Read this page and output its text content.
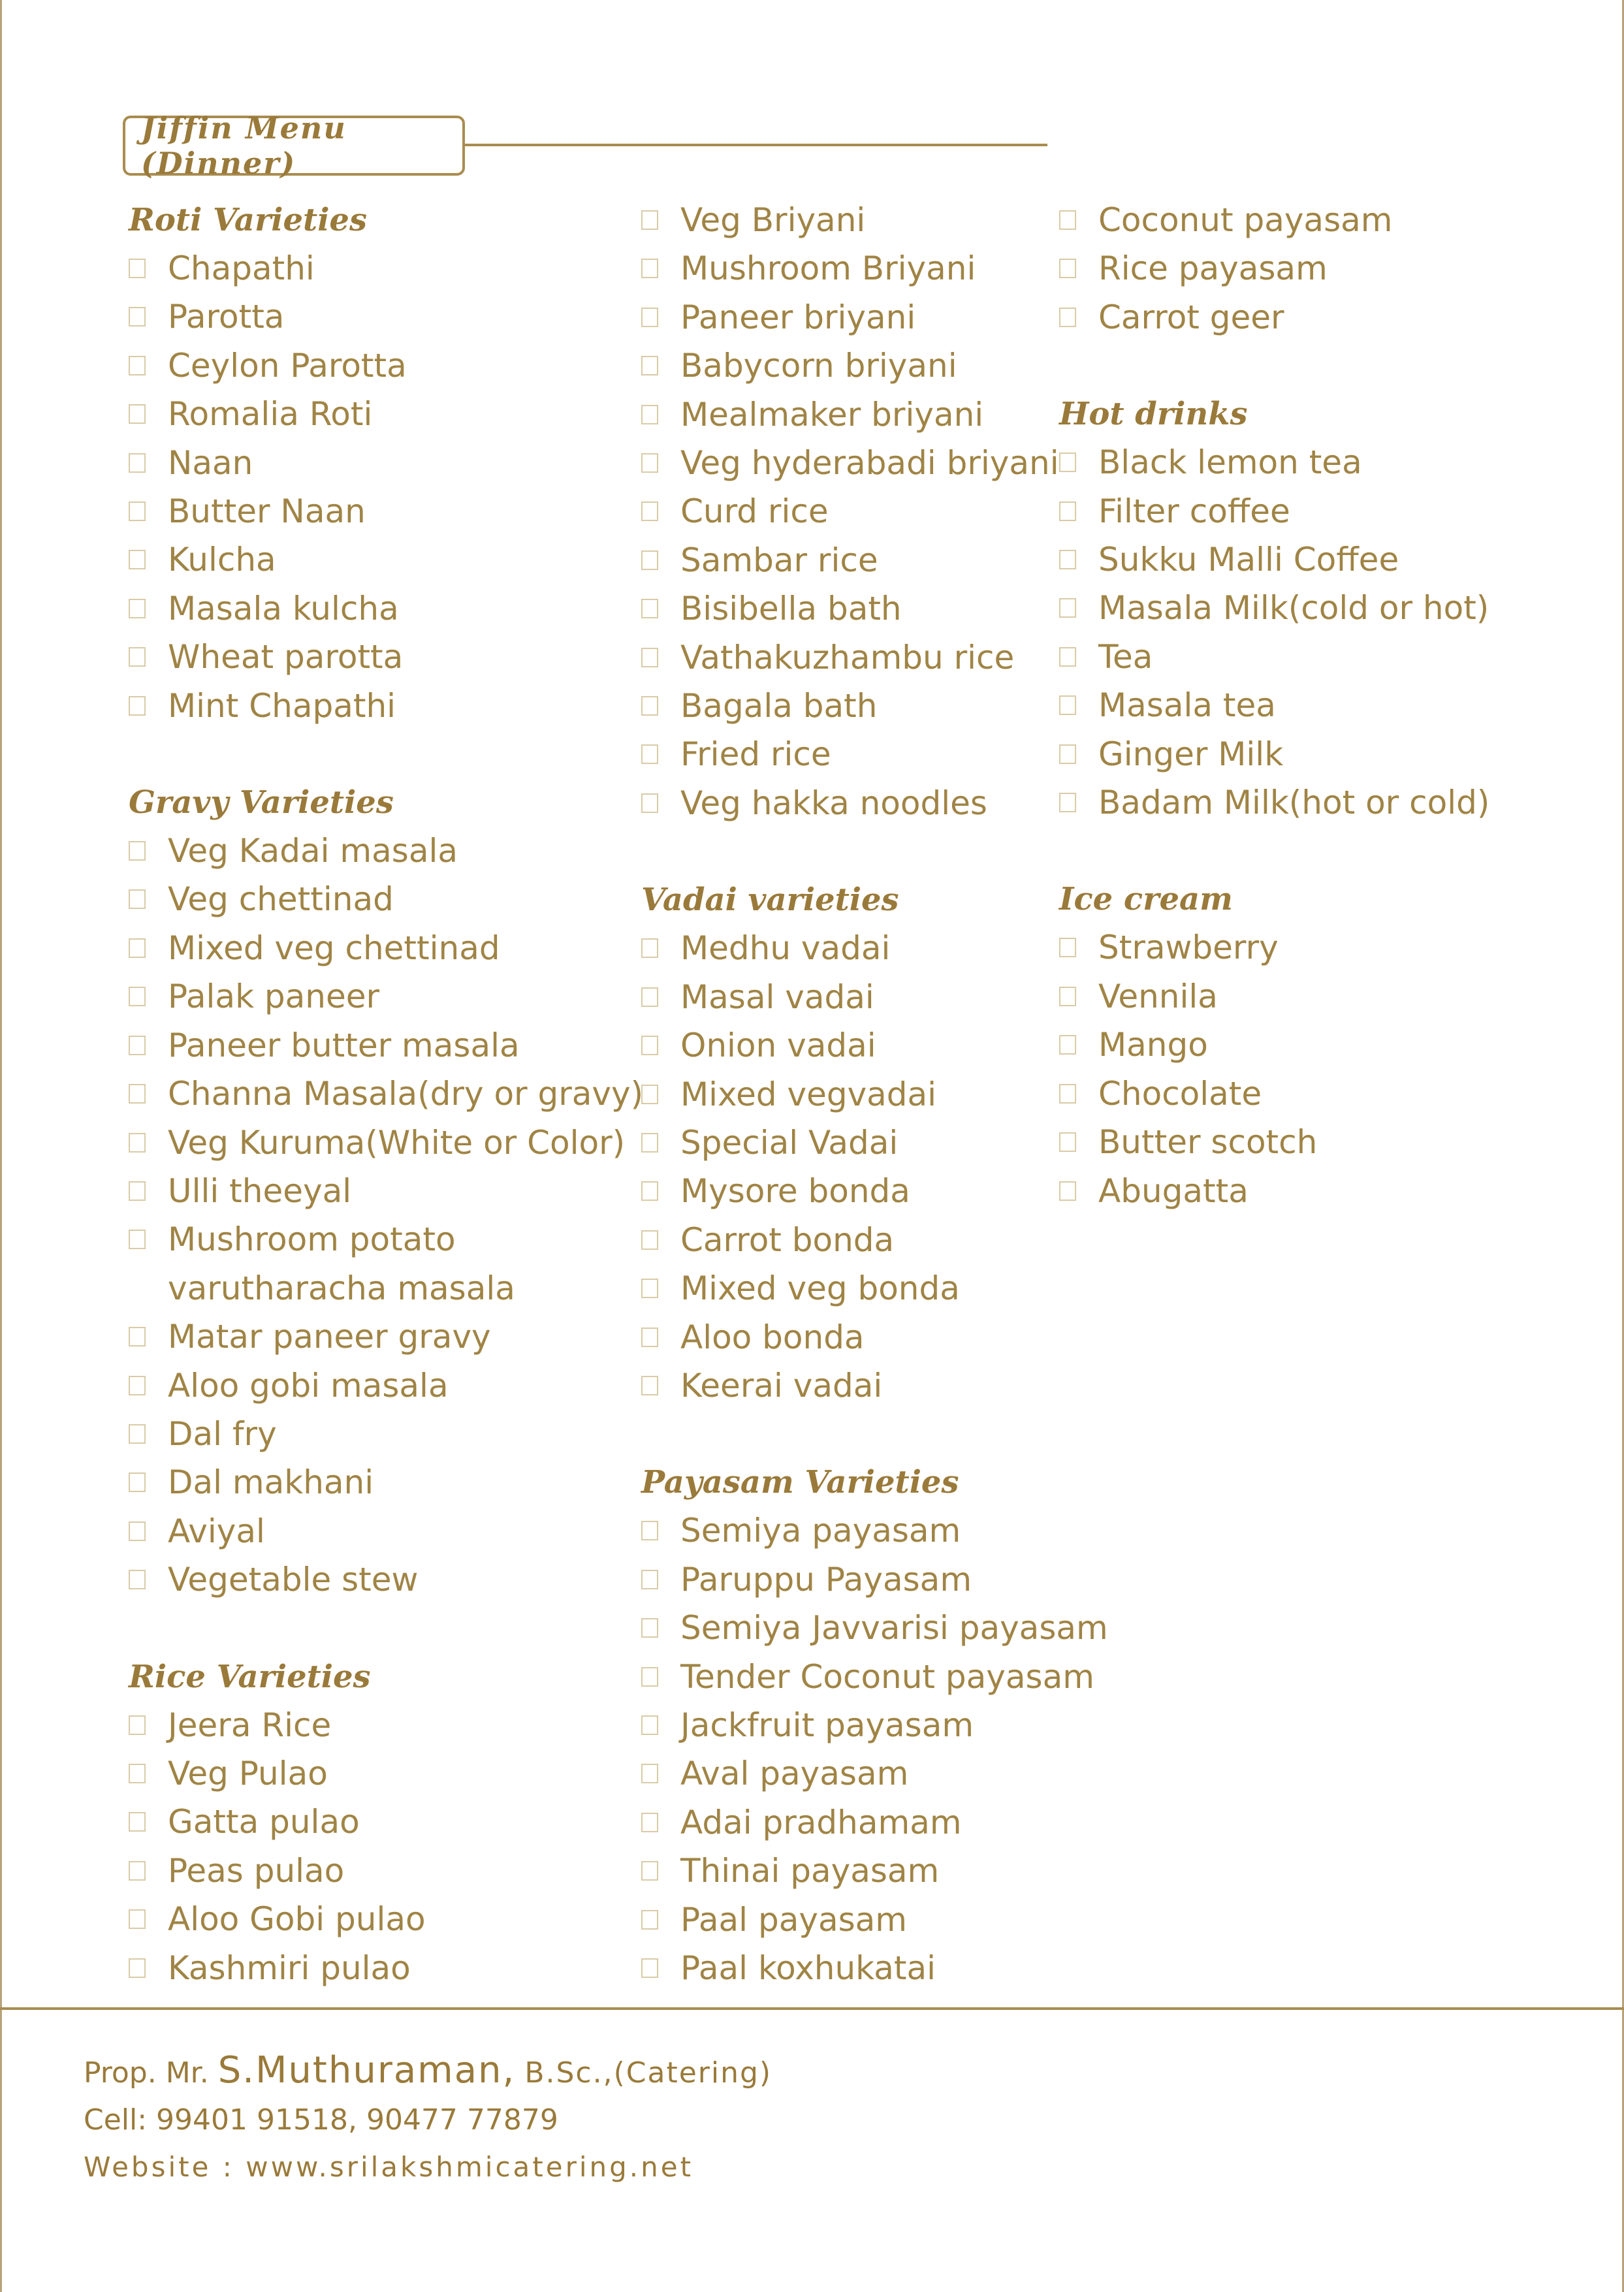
Jiffin Menu (Dinner)
Roti Varieties
Chapathi
Parotta
Ceylon Parotta
Romalia Roti
Naan
Butter Naan
Kulcha
Masala kulcha
Wheat parotta
Mint Chapathi
Gravy Varieties
Veg Kadai masala
Veg chettinad
Mixed veg chettinad
Palak paneer
Paneer butter masala
Channa Masala(dry or gravy)
Veg Kuruma(White or Color)
Ulli theeyal
Mushroom potato varutharacha masala
Matar paneer gravy
Aloo gobi masala
Dal fry
Dal makhani
Aviyal
Vegetable stew
Rice Varieties
Jeera Rice
Veg Pulao
Gatta pulao
Peas pulao
Aloo Gobi pulao
Kashmiri pulao
Veg Briyani
Mushroom Briyani
Paneer briyani
Babycorn briyani
Mealmaker briyani
Veg hyderabadi briyani
Curd rice
Sambar rice
Bisibella bath
Vathakuzhambu rice
Bagala bath
Fried rice
Veg hakka noodles
Vadai varieties
Medhu vadai
Masal vadai
Onion vadai
Mixed vegvadai
Special Vadai
Mysore bonda
Carrot bonda
Mixed veg bonda
Aloo bonda
Keerai vadai
Payasam Varieties
Semiya payasam
Paruppu Payasam
Semiya Javvarisi payasam
Tender Coconut payasam
Jackfruit payasam
Aval payasam
Adai pradhamam
Thinai payasam
Paal payasam
Paal koxhukatai
Coconut payasam
Rice payasam
Carrot geer
Hot drinks
Black lemon tea
Filter coffee
Sukku Malli Coffee
Masala Milk(cold or hot)
Tea
Masala tea
Ginger Milk
Badam Milk(hot or cold)
Ice cream
Strawberry
Vennila
Mango
Chocolate
Butter scotch
Abugatta
Prop. Mr. S.Muthuraman, B.Sc.,(Catering)
Cell: 99401 91518, 90477 77879
Website : www.srilakshmicatering.net
